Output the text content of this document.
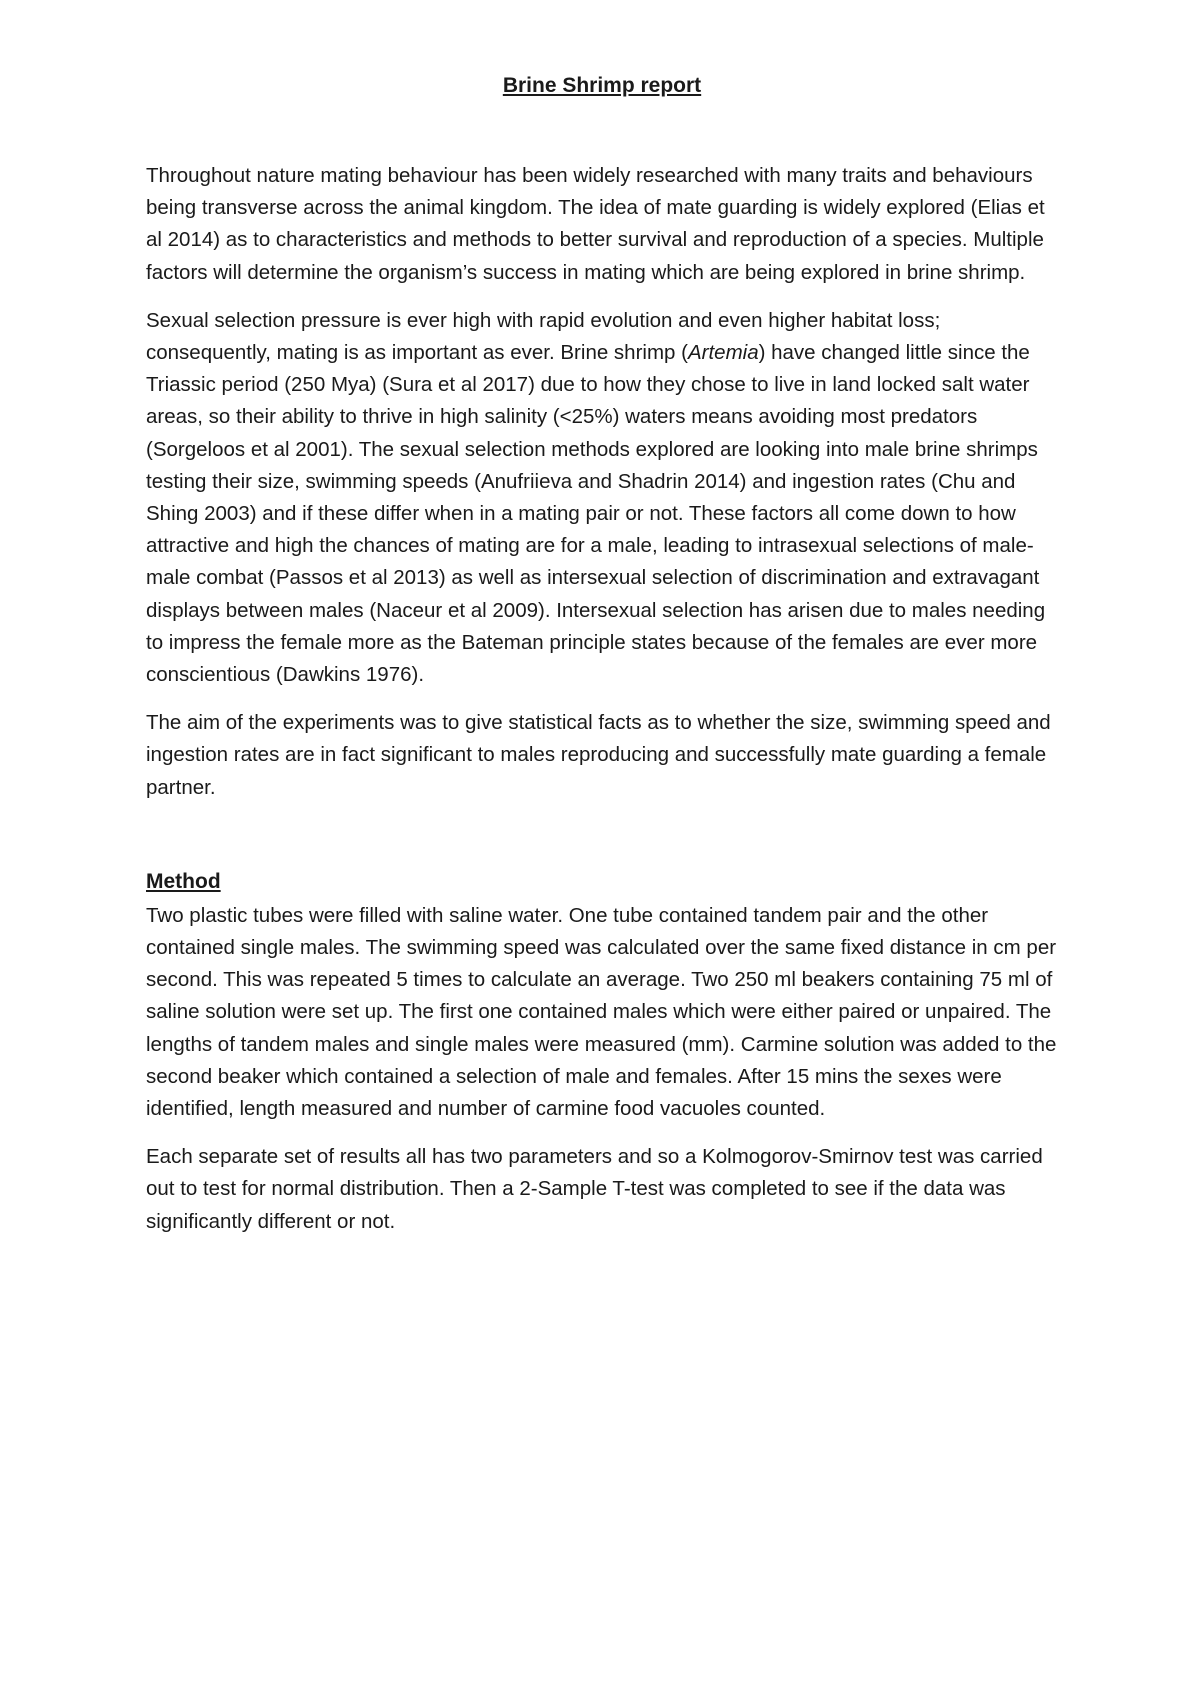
Brine Shrimp report

Throughout nature mating behaviour has been widely researched with many traits and behaviours being transverse across the animal kingdom. The idea of mate guarding is widely explored (Elias et al 2014) as to characteristics and methods to better survival and reproduction of a species. Multiple factors will determine the organism’s success in mating which are being explored in brine shrimp.

Sexual selection pressure is ever high with rapid evolution and even higher habitat loss; consequently, mating is as important as ever. Brine shrimp (Artemia) have changed little since the Triassic period (250 Mya) (Sura et al 2017) due to how they chose to live in land locked salt water areas, so their ability to thrive in high salinity (<25%) waters means avoiding most predators (Sorgeloos et al 2001). The sexual selection methods explored are looking into male brine shrimps testing their size, swimming speeds (Anufriieva and Shadrin 2014) and ingestion rates (Chu and Shing 2003) and if these differ when in a mating pair or not. These factors all come down to how attractive and high the chances of mating are for a male, leading to intrasexual selections of male-male combat (Passos et al 2013) as well as intersexual selection of discrimination and extravagant displays between males (Naceur et al 2009). Intersexual selection has arisen due to males needing to impress the female more as the Bateman principle states because of the females are ever more conscientious (Dawkins 1976).

The aim of the experiments was to give statistical facts as to whether the size, swimming speed and ingestion rates are in fact significant to males reproducing and successfully mate guarding a female partner.

Method

Two plastic tubes were filled with saline water. One tube contained tandem pair and the other contained single males. The swimming speed was calculated over the same fixed distance in cm per second. This was repeated 5 times to calculate an average. Two 250 ml beakers containing 75 ml of saline solution were set up. The first one contained males which were either paired or unpaired. The lengths of tandem males and single males were measured (mm). Carmine solution was added to the second beaker which contained a selection of male and females. After 15 mins the sexes were identified, length measured and number of carmine food vacuoles counted.

Each separate set of results all has two parameters and so a Kolmogorov-Smirnov test was carried out to test for normal distribution. Then a 2-Sample T-test was completed to see if the data was significantly different or not.
